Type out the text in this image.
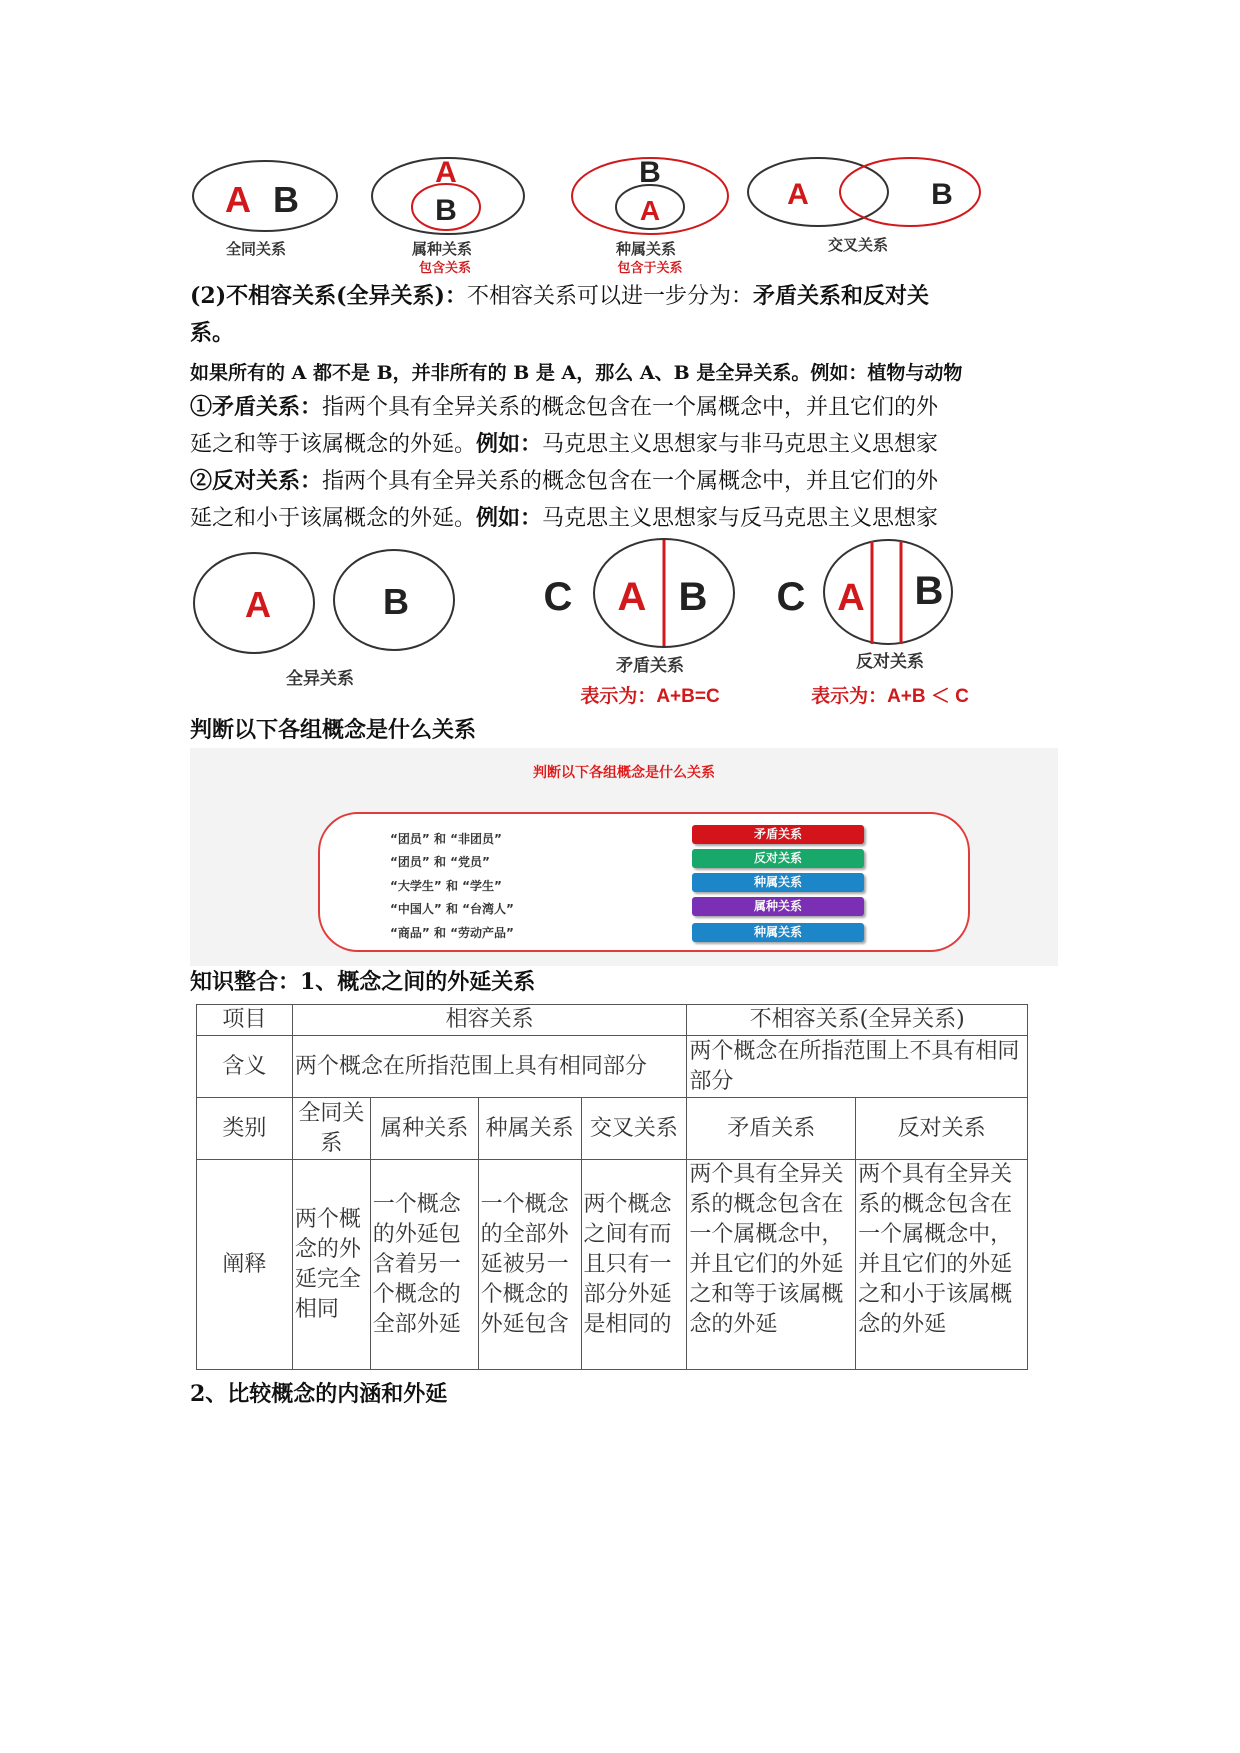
A B
全同关系
A
B
属种关系
包含关系
B
A
种属关系
包含于关系
A	B
交叉关系
(2)不相容关系(全异关系)：不相容关系可以进一步分为：矛盾关系和反对关
系。
如果所有的 A 都不是 B，并非所有的 B 是 A，那么 A、B 是全异关系。例如：植物与动物
①矛盾关系：指两个具有全异关系的概念包含在一个属概念中，并且它们的外
延之和等于该属概念的外延。例如：马克思主义思想家与非马克思主义思想家
②反对关系：指两个具有全异关系的概念包含在一个属概念中，并且它们的外
延之和小于该属概念的外延。例如：马克思主义思想家与反马克思主义思想家
A	B
全异关系
C A B
矛盾关系
表示为：A+B=C
C A B
反对关系
表示为：A+B ＜ C
判断以下各组概念是什么关系
判断以下各组概念是什么关系
“团员” 和 “非团员”	矛盾关系
“团员” 和 “党员”	反对关系
“大学生” 和 “学生”	种属关系
“中国人” 和 “台湾人”	属种关系
“商品” 和 “劳动产品”	种属关系
知识整合：1、概念之间的外延关系
项目	相容关系				不相容关系(全异关系)	
含义	两个概念在所指范围上具有相同部分				两个概念在所指范围上不具有相同部分	
类别	全同关系	属种关系	种属关系	交叉关系	矛盾关系	反对关系
阐释	两个概念的外延完全相同	一个概念的外延包含着另一个概念的全部外延	一个概念的全部外延被另一个概念的外延包含	两个概念之间有而且只有一部分外延是相同的	两个具有全异关系的概念包含在一个属概念中，并且它们的外延之和等于该属概念的外延	两个具有全异关系的概念包含在一个属概念中，并且它们的外延之和小于该属概念的外延
2、比较概念的内涵和外延
